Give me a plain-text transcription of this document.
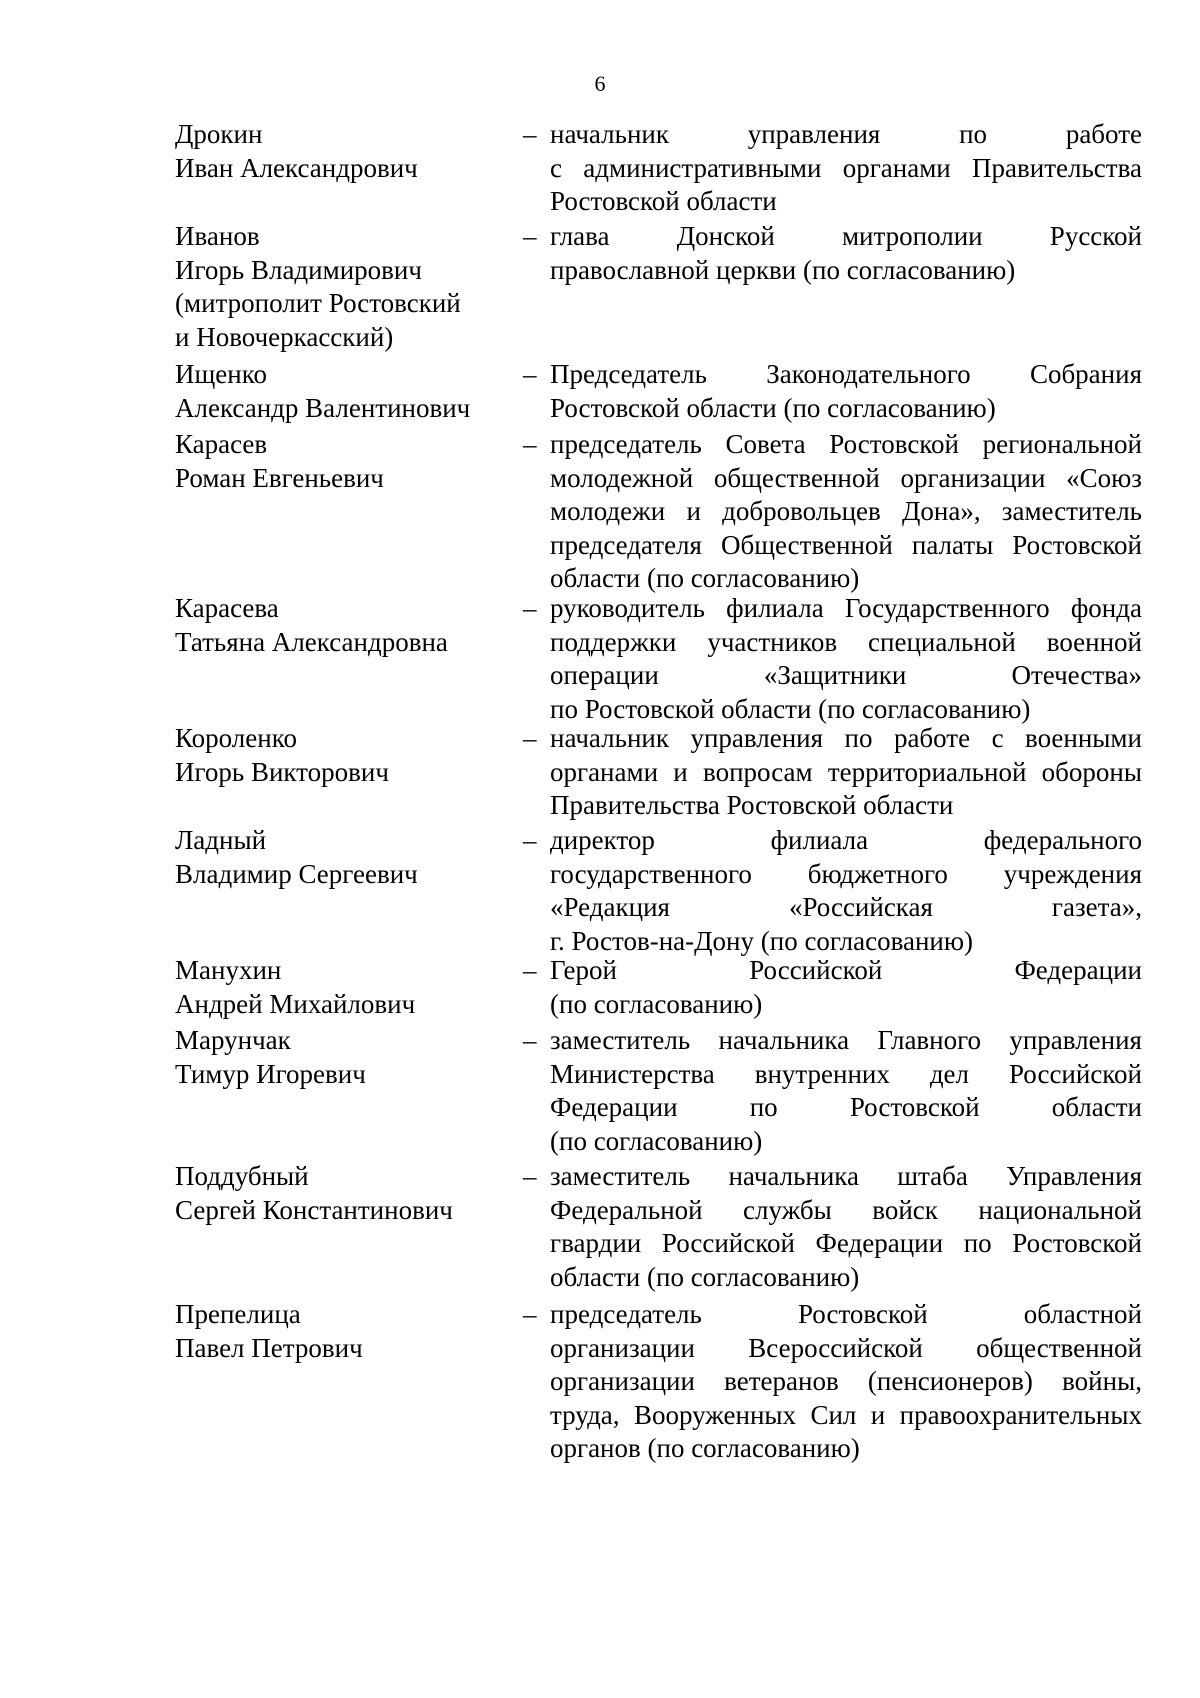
6
Дрокин
Иван Александрович
– начальник	управления	по	работе
с административными органами Правительства
Ростовской области
Иванов
Игорь Владимирович
(митрополит Ростовский
и Новочеркасский)
– глава Донской митрополии Русской
православной церкви (по согласованию)
Ищенко
Александр Валентинович
– Председатель Законодательного Собрания
Ростовской области (по согласованию)
Карасев
Роман Евгеньевич
– председатель Совета Ростовской региональной
молодежной общественной организации «Союз
молодежи и добровольцев Дона», заместитель
председателя Общественной палаты Ростовской
области (по согласованию)
Карасева
Татьяна Александровна
– руководитель филиала Государственного фонда
поддержки участников специальной военной
операции	«Защитники	Отечества»
по Ростовской области (по согласованию)
Короленко
Игорь Викторович
– начальник управления по работе с военными
органами и вопросам территориальной обороны
Правительства Ростовской области
Ладный
Владимир Сергеевич
– директор	филиала	федерального
государственного бюджетного учреждения
«Редакция	«Российская	газета»,
г. Ростов-на-Дону (по согласованию)
Манухин
Андрей Михайлович
– Герой	Российской	Федерации
(по согласованию)
Марунчак
Тимур Игоревич
– заместитель начальника Главного управления
Министерства внутренних дел Российской
Федерации	по	Ростовской	области
(по согласованию)
Поддубный
Сергей Константинович
– заместитель начальника штаба Управления
Федеральной службы войск национальной
гвардии Российской Федерации по Ростовской
области (по согласованию)
Препелица
Павел Петрович
– председатель	Ростовской	областной
организации Всероссийской общественной
организации ветеранов (пенсионеров) войны,
труда, Вооруженных Сил и правоохранительных
органов (по согласованию)
